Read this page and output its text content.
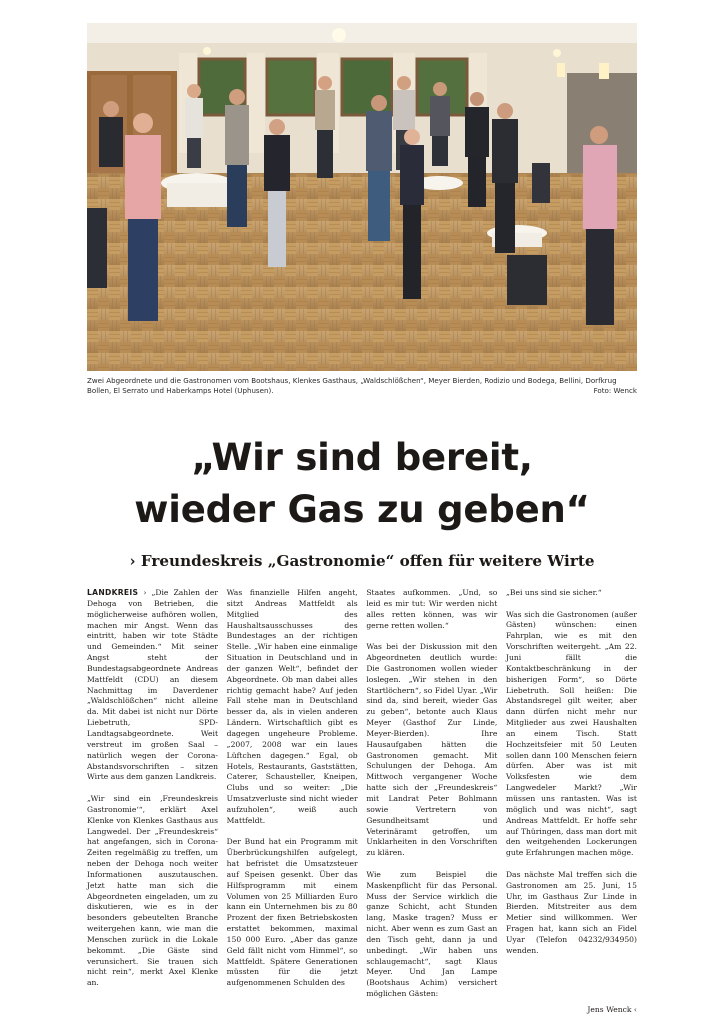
Zwei Abgeordnete und die Gastronomen vom Bootshaus, Klenkes Gasthaus, „Waldschlößchen“, Meyer Bierden, Rodizio und Bodega, Bellini, Dorfkrug Bollen, El Serrato und Haberkamps Hotel (Uphusen).	Foto: Wenck
„Wir sind bereit,
wieder Gas zu geben“
› Freundeskreis „Gastronomie“ offen für weitere Wirte

LANDKREIS › „Die Zahlen der Dehoga von Betrieben, die möglicherweise aufhören wollen, machen mir Angst. Wenn das eintritt, haben wir tote Städte und Gemeinden.“ Mit seiner Angst steht der Bundestagsabgeordnete Andreas Mattfeldt (CDU) an diesem Nachmittag im Daverdener „Waldschlößchen“ nicht alleine da. Mit dabei ist nicht nur Dörte Liebetruth, SPD-Landtagsabgeordnete. Weit verstreut im großen Saal – natürlich wegen der Corona-Abstandsvorschriften – sitzen Wirte aus dem ganzen Landkreis.

„Wir sind ein ‚Freundeskreis Gastronomie‘“, erklärt Axel Klenke von Klenkes Gasthaus aus Langwedel. Der „Freundeskreis“ hat angefangen, sich in Corona-Zeiten regelmäßig zu treffen, um neben der Dehoga noch weiter Informationen auszutauschen. Jetzt hatte man sich die Abgeordneten eingeladen, um zu diskutieren, wie es in der besonders gebeutelten Branche weitergehen kann, wie man die Menschen zurück in die Lokale bekommt. „Die Gäste sind verunsichert. Sie trauen sich nicht rein“, merkt Axel Klenke an.

Was finanzielle Hilfen angeht, sitzt Andreas Mattfeldt als Mitglied des Haushaltsausschusses des Bundestages an der richtigen Stelle. „Wir haben eine einmalige Situation in Deutschland und in der ganzen Welt“, befindet der Abgeordnete. Ob man dabei alles richtig gemacht habe? Auf jeden Fall stehe man in Deutschland besser da, als in vielen anderen Ländern. Wirtschaftlich gibt es dagegen ungeheure Probleme. „2007, 2008 war ein laues Lüftchen dagegen.“ Egal, ob Hotels, Restaurants, Gaststätten, Caterer, Schausteller, Kneipen, Clubs und so weiter: „Die Umsatzverluste sind nicht wieder aufzuholen“, weiß auch Mattfeldt.

Der Bund hat ein Programm mit Überbrückungshilfen aufgelegt, hat befristet die Umsatzsteuer auf Speisen gesenkt. Über das Hilfsprogramm mit einem Volumen von 25 Milliarden Euro kann ein Unternehmen bis zu 80 Prozent der fixen Betriebskosten erstattet bekommen, maximal 150 000 Euro. „Aber das ganze Geld fällt nicht vom Himmel“, so Mattfeldt. Spätere Generationen müssten für die jetzt aufgenommenen Schulden des

Staates aufkommen. „Und, so leid es mir tut: Wir werden nicht alles retten können, was wir gerne retten wollen.“

Was bei der Diskussion mit den Abgeordneten deutlich wurde: Die Gastronomen wollen wieder loslegen. „Wir stehen in den Startlöchern“, so Fidel Uyar. „Wir sind da, sind bereit, wieder Gas zu geben“, betonte auch Klaus Meyer (Gasthof Zur Linde, Meyer-Bierden). Ihre Hausaufgaben hätten die Gastronomen gemacht. Mit Schulungen der Dehoga. Am Mittwoch vergangener Woche hatte sich der „Freundeskreis“ mit Landrat Peter Bohlmann sowie Vertretern von Gesundheitsamt und Veterinäramt getroffen, um Unklarheiten in den Vorschriften zu klären.

Wie zum Beispiel die Maskenpflicht für das Personal. Muss der Service wirklich die ganze Schicht, acht Stunden lang, Maske tragen? Muss er nicht. Aber wenn es zum Gast an den Tisch geht, dann ja und unbedingt. „Wir haben uns schlaugemacht“, sagt Klaus Meyer. Und Jan Lampe (Bootshaus Achim) versichert möglichen Gästen:

„Bei uns sind sie sicher.“

Was sich die Gastronomen (außer Gästen) wünschen: einen Fahrplan, wie es mit den Vorschriften weitergeht. „Am 22. Juni fällt die Kontaktbeschränkung in der bisherigen Form“, so Dörte Liebetruth. Soll heißen: Die Abstandsregel gilt weiter, aber dann dürfen nicht mehr nur Mitglieder aus zwei Haushalten an einem Tisch. Statt Hochzeitsfeier mit 50 Leuten sollen dann 100 Menschen feiern dürfen. Aber was ist mit Volksfesten wie dem Langwedeler Markt? „Wir müssen uns rantasten. Was ist möglich und was nicht“, sagt Andreas Mattfeldt. Er hoffe sehr auf Thüringen, dass man dort mit den weitgehenden Lockerungen gute Erfahrungen machen möge.

Das nächste Mal treffen sich die Gastronomen am 25. Juni, 15 Uhr, im Gasthaus Zur Linde in Bierden. Mitstreiter aus dem Metier sind willkommen. Wer Fragen hat, kann sich an Fidel Uyar (Telefon 04232/934950) wenden.

Jens Wenck ‹
